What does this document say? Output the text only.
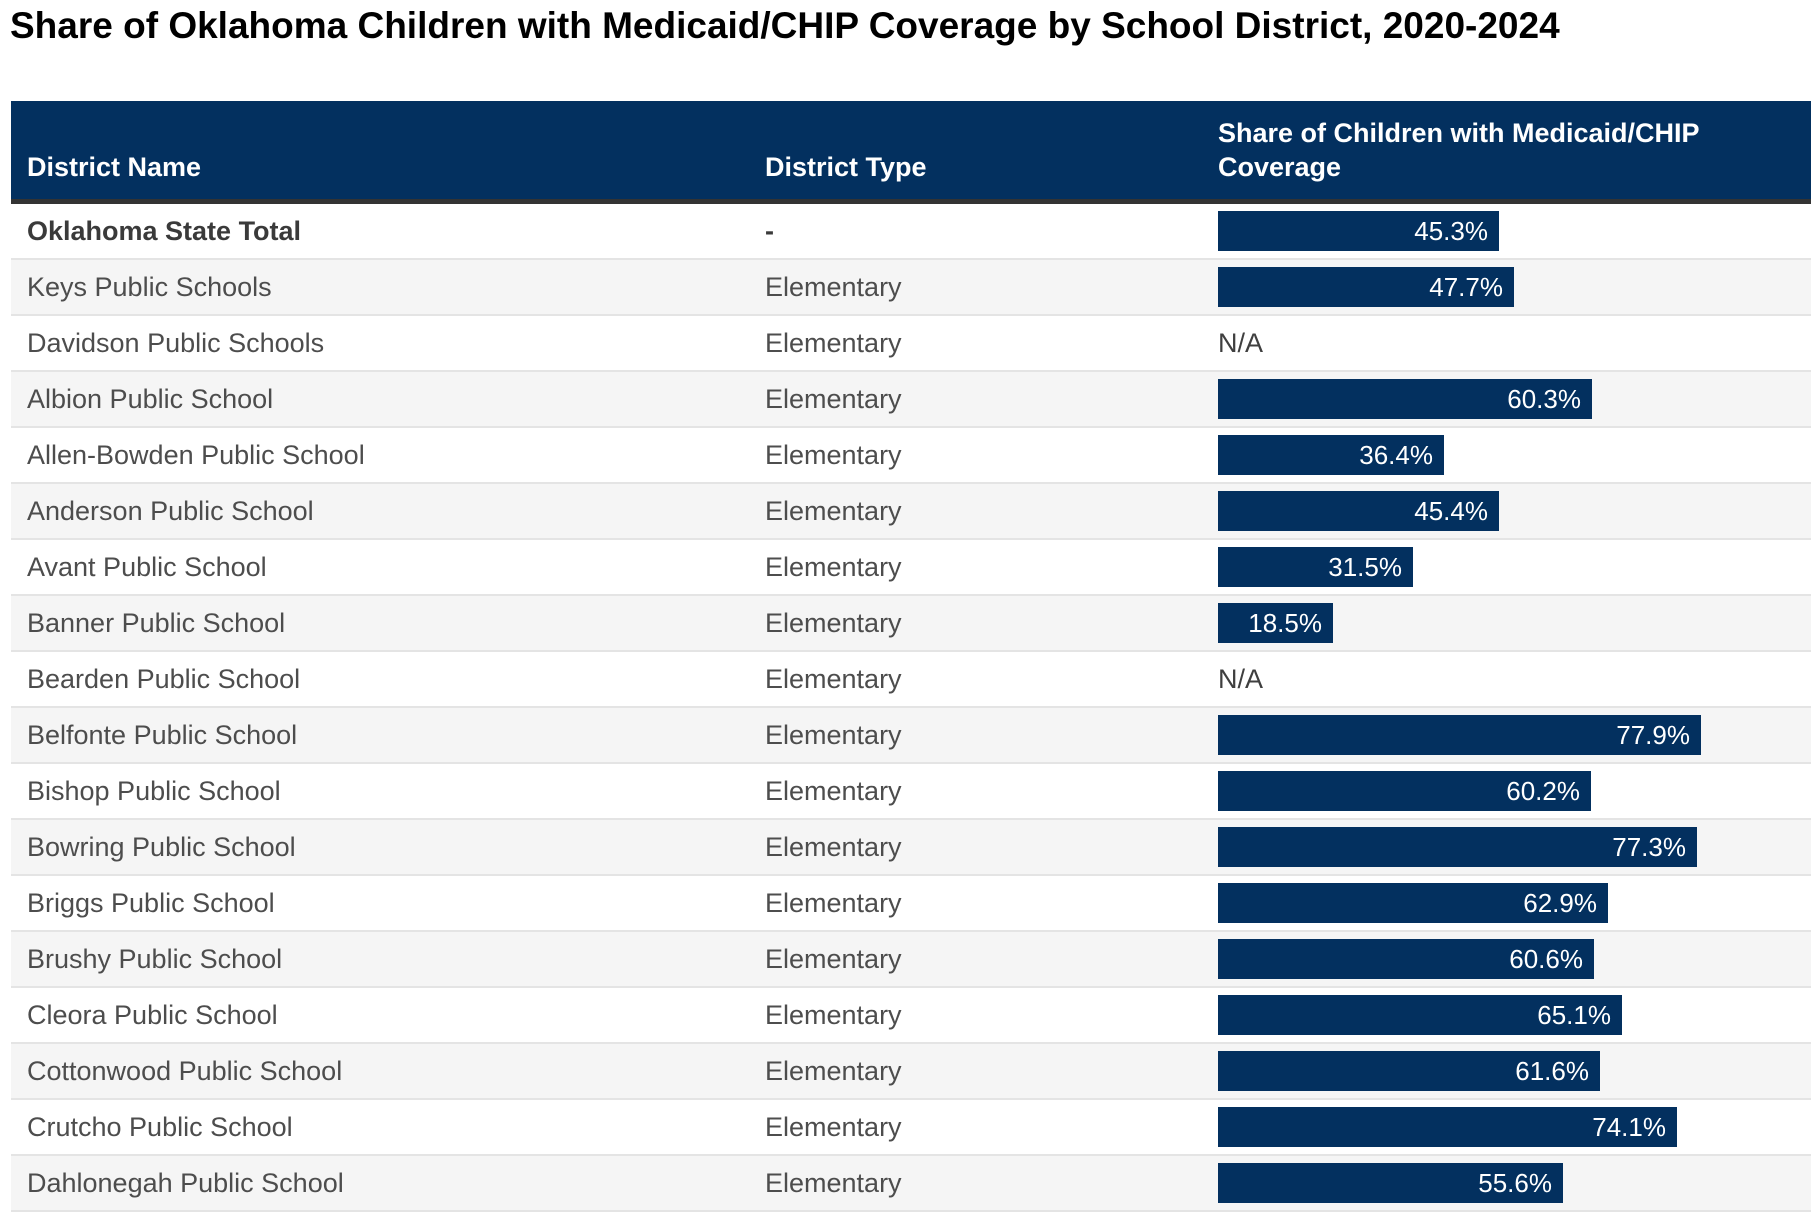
Share of Oklahoma Children with Medicaid/CHIP Coverage by School District, 2020-2024
District Name	District Type
Share of Children with Medicaid/CHIP Coverage
Oklahoma State Total	-	45.3%
Keys Public Schools	Elementary	47.7%
Davidson Public Schools	Elementary	N/A
Albion Public School	Elementary	60.3%
Allen-Bowden Public School	Elementary	36.4%
Anderson Public School	Elementary	45.4%
Avant Public School	Elementary	31.5%
Banner Public School	Elementary	18.5%
Bearden Public School	Elementary	N/A
Belfonte Public School	Elementary	77.9%
Bishop Public School	Elementary	60.2%
Bowring Public School	Elementary	77.3%
Briggs Public School	Elementary	62.9%
Brushy Public School	Elementary	60.6%
Cleora Public School	Elementary	65.1%
Cottonwood Public School	Elementary	61.6%
Crutcho Public School	Elementary	74.1%
Dahlonegah Public School	Elementary	55.6%
